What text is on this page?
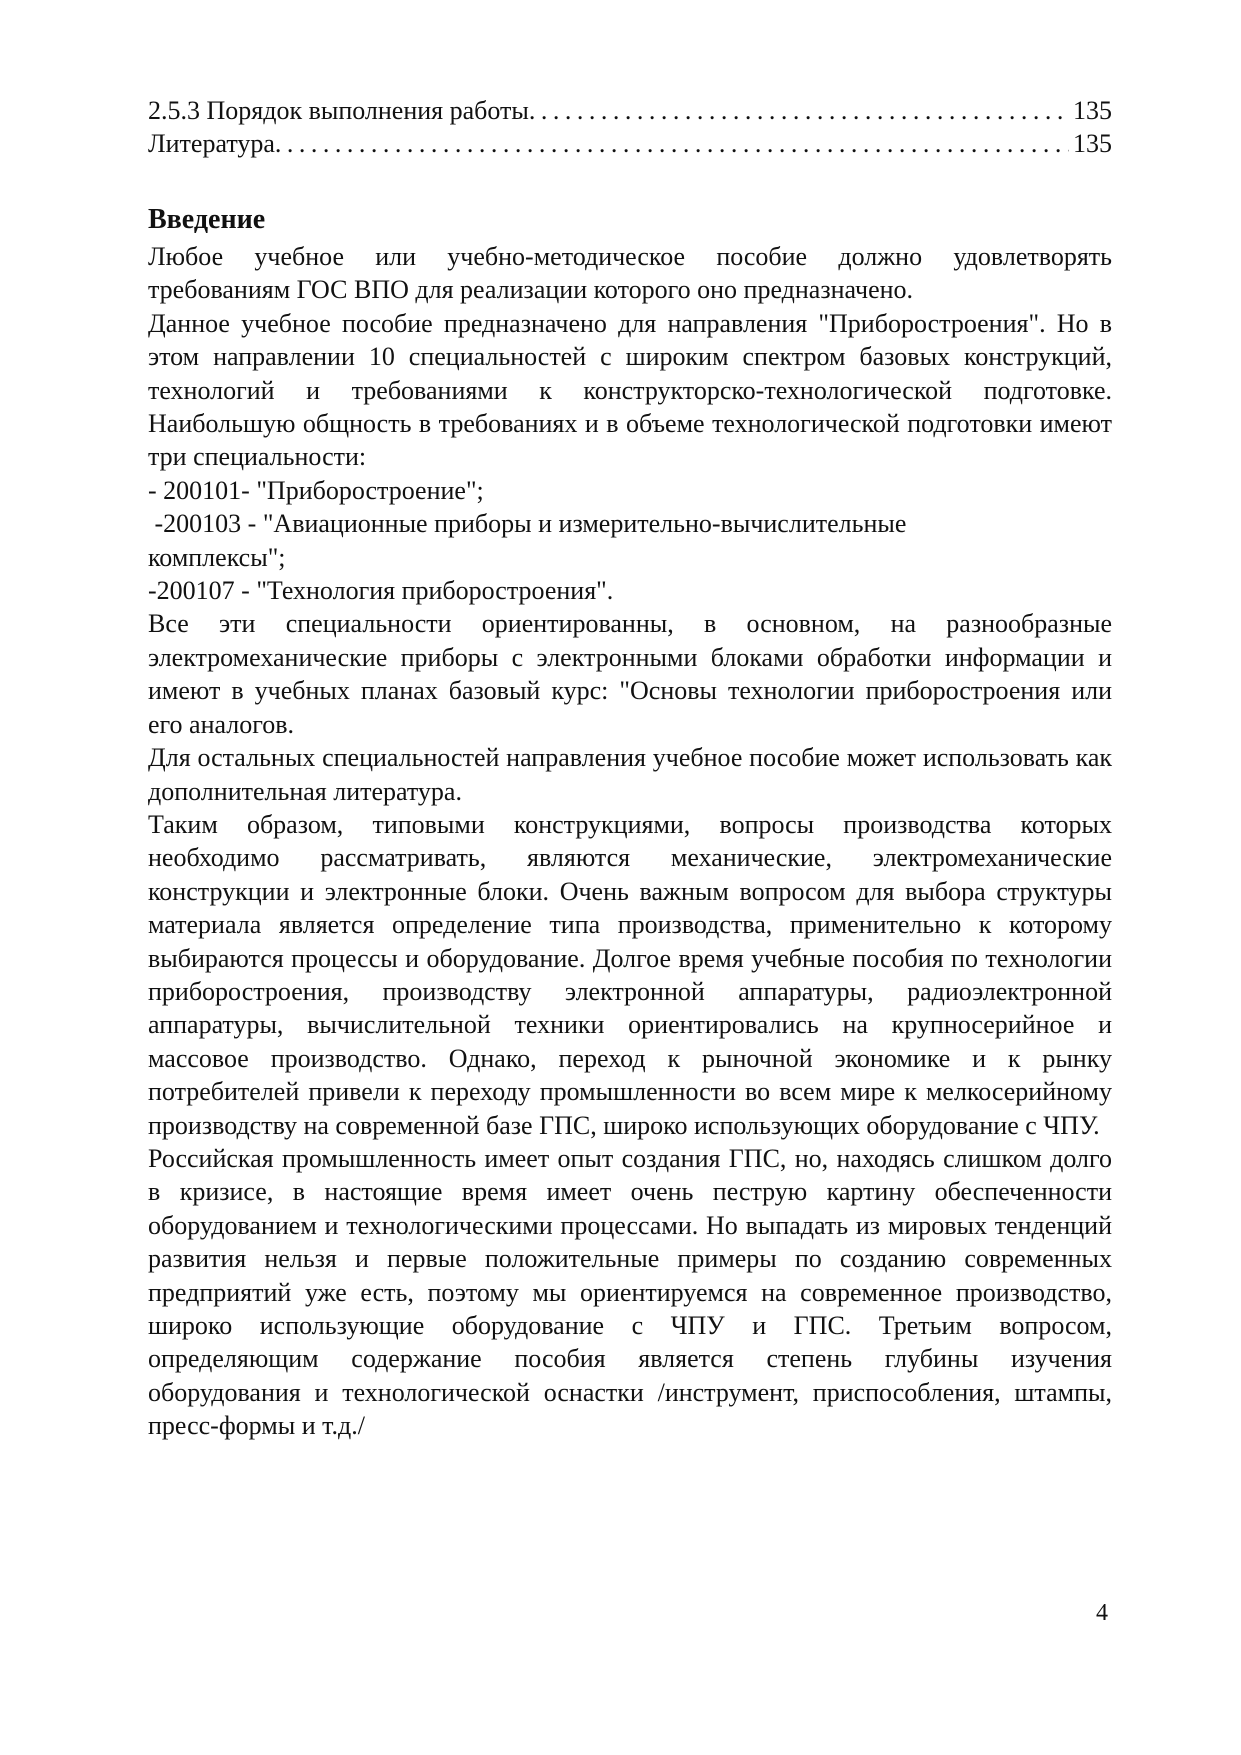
2.5.3 Порядок выполнения работы . . .	135
Литература . . .	135
Введение

Любое учебное или учебно-методическое пособие должно удовлетворять требованиям ГОС ВПО для реализации которого оно предназначено.

Данное учебное пособие предназначено для направления "Приборостроения". Но в этом направлении 10 специальностей с широким спектром базовых конструкций, технологий и требованиями к конструкторско-технологической подготовке. Наибольшую общность в требованиях и в объеме технологической подготовки имеют три специальности:

- 200101- "Приборостроение";

-200103 - "Авиационные приборы и измерительно-вычислительные комплексы";

-200107 - "Технология приборостроения".

Все эти специальности ориентированны, в основном, на разнообразные электромеханические приборы с электронными блоками обработки информации и имеют в учебных планах базовый курс: "Основы технологии приборостроения или его аналогов.

Для остальных специальностей направления учебное пособие может использовать как дополнительная литература.

Таким образом, типовыми конструкциями, вопросы производства которых необходимо рассматривать, являются механические, электромеханические конструкции и электронные блоки. Очень важным вопросом для выбора структуры материала является определение типа производства, применительно к которому выбираются процессы и оборудование. Долгое время учебные пособия по технологии приборостроения, производству электронной аппаратуры, радиоэлектронной аппаратуры, вычислительной техники ориентировались на крупносерийное и массовое производство. Однако, переход к рыночной экономике и к рынку потребителей привели к переходу промышленности во всем мире к мелкосерийному производству на современной базе ГПС, широко использующих оборудование с ЧПУ.

Российская промышленность имеет опыт создания ГПС, но, находясь слишком долго в кризисе, в настоящие время имеет очень пеструю картину обеспеченности оборудованием и технологическими процессами. Но выпадать из мировых тенденций развития нельзя и первые положительные примеры по созданию современных предприятий уже есть, поэтому мы ориентируемся на современное производство, широко использующие оборудование с ЧПУ и ГПС. Третьим вопросом, определяющим содержание пособия является степень глубины изучения оборудования и технологической оснастки /инструмент, приспособления, штампы, пресс-формы и т.д./

4
